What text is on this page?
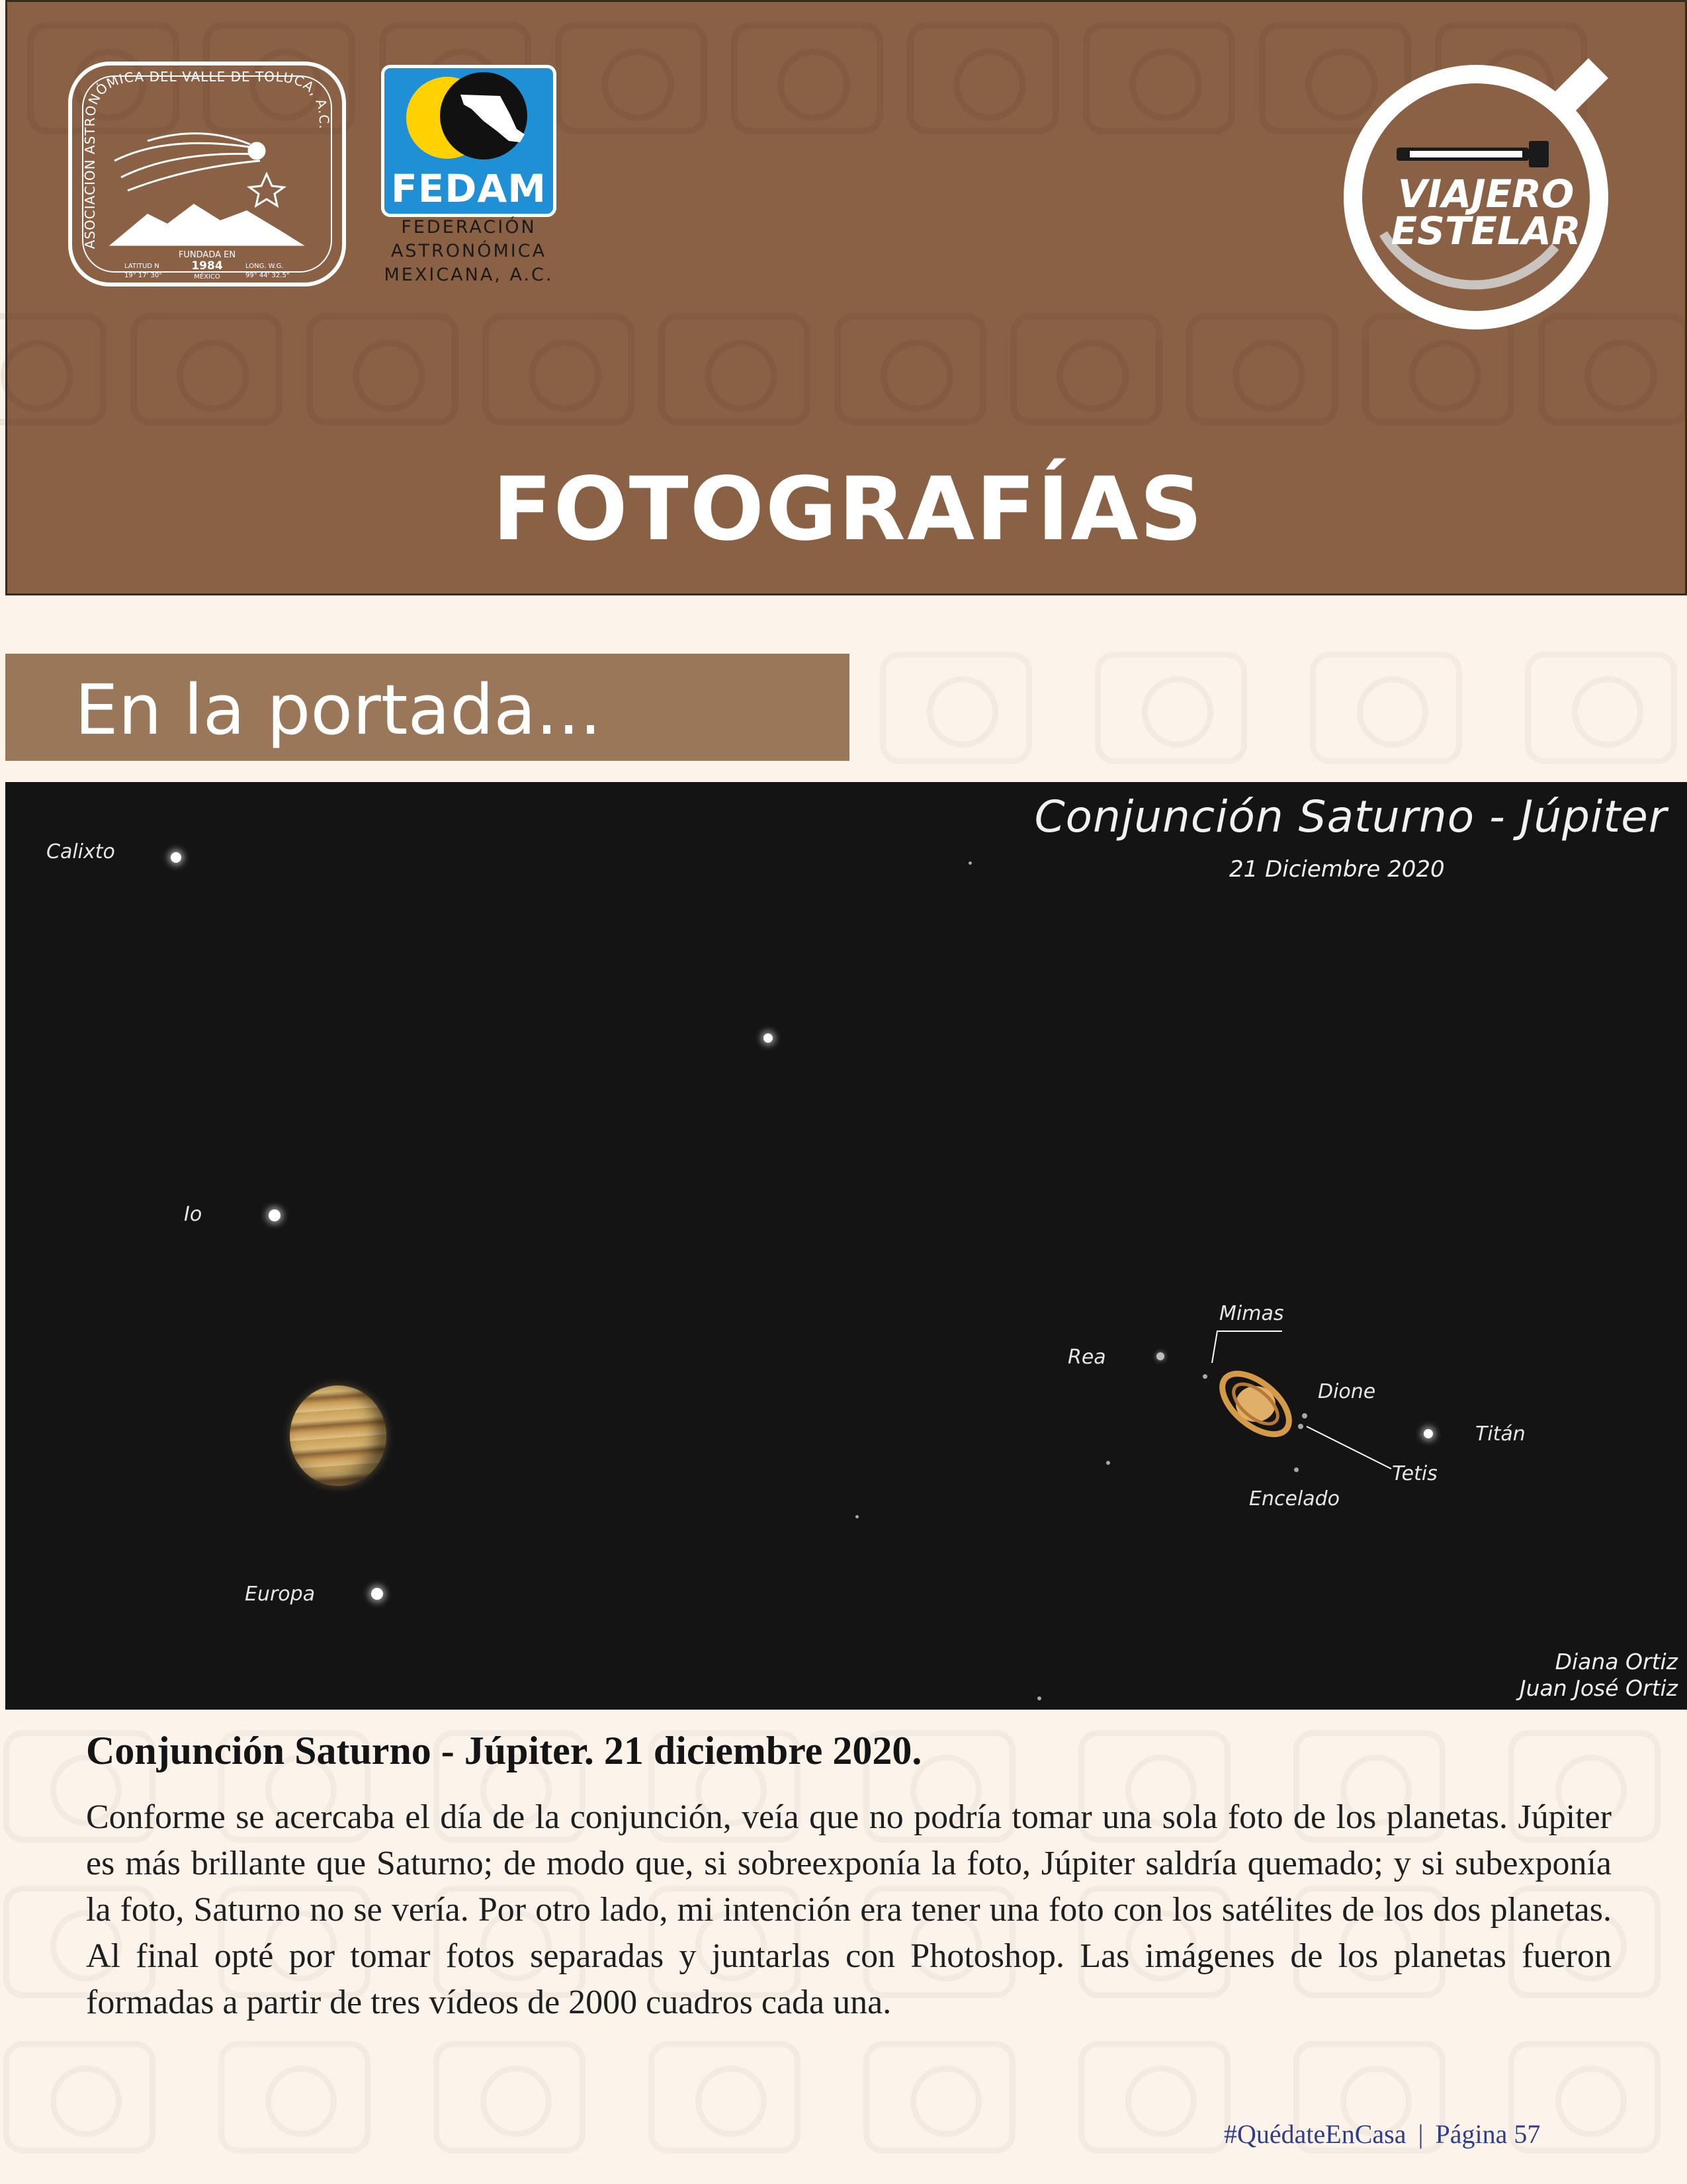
ASOCIACIÓN ASTRONÓMICA DEL VALLE DE TOLUCA, A.C.
FUNDADA EN
1984
MÉXICO
LATITUD N
19° 17' 30"
LONG. W.G.
99° 44' 32.5"
FEDAM
FEDERACIÓN
ASTRONÓMICA
MEXICANA, A.C.
VIAJERO
ESTELAR
FOTOGRAFÍAS
En la portada...
Conjunción Saturno - Júpiter
21 Diciembre 2020
Calixto
Io
Europa
Mimas
Rea
Dione
Tetis
Titán
Encelado
Diana Ortiz
Juan José Ortiz
Conjunción Saturno - Júpiter. 21 diciembre 2020.
Conforme se acercaba el día de la conjunción, veía que no podría tomar una sola foto de los planetas. Júpiter es más brillante que Saturno; de modo que, si sobreexponía la foto, Júpiter saldría quemado; y si subexponía la foto, Saturno no se vería. Por otro lado, mi intención era tener una foto con los satélites de los dos planetas. Al final opté por tomar fotos separadas y juntarlas con Photoshop. Las imágenes de los planetas fueron formadas a partir de tres vídeos de 2000 cuadros cada una.
#QuédateEnCasa | Página 57
